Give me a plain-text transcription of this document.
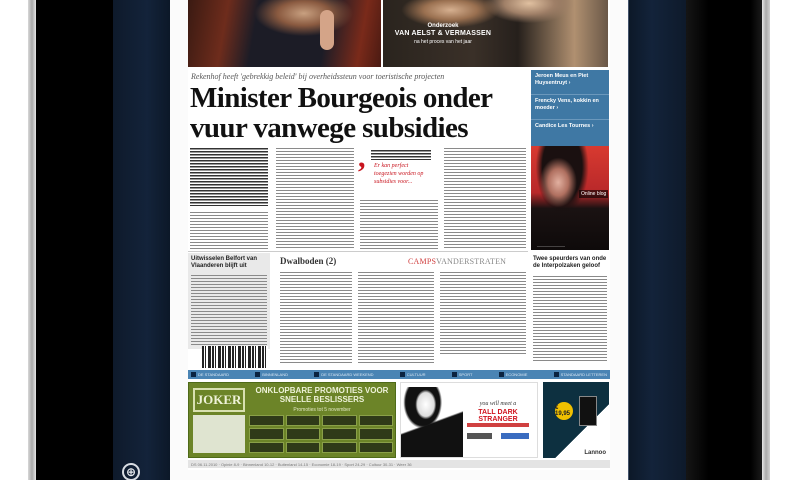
⊕
Onderzoek
VAN AELST & VERMASSEN
na het proces van het jaar
Rekenhof heeft 'gebrekkig beleid' bij overheidssteun voor toeristische projecten
Minister Bourgeois onder vuur vanwege subsidies
Jeroen Meus en Piet Huysentruyt ›
Frencky Vens, kokkin en moeder ›
Candice Les Tournes ›
Online blog
———————
, Er kan perfect toegezien worden op subsidies voor...
Uitwisselen Belfort van Vlaanderen blijft uit	Dwalboden (2)	CAMPSVANDERSTRATEN	Twee speurders van onde de Interpolzaken geloof
DE STANDAARD	BINNENLAND	DE STANDAARD WEEKEND	CULTUUR	SPORT	ECONOMIE	STANDAARD LETTEREN
JOKER
ONKLOPBARE PROMOTIES VOOR SNELLE BESLISSERS
Promoties tot 5 november
you will meet a
TALL DARK STRANGER
€ 19,95
Lannoo
DS 06.11.2010 · Opinie 8-9 · Binnenland 10-12 · Buitenland 14-15 · Economie 18-19 · Sport 24-29 · Cultuur 30-31 · Weer 36
